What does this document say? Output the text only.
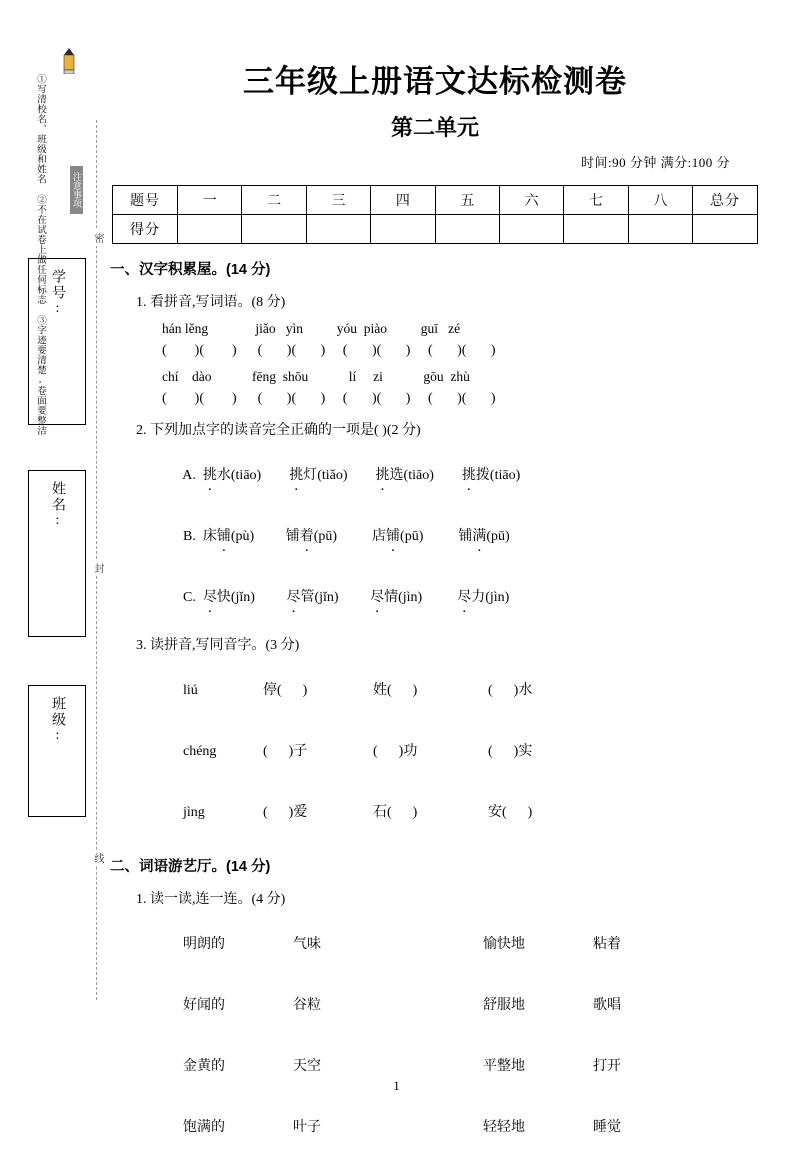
①写清校名、班级和姓名 ②不在试卷上做任何标志 ③字迹要清楚,卷面要整洁	注意事项
密
封
线
学号:
姓名:
班级:
三年级上册语文达标检测卷
第二单元
时间:90 分钟 满分:100 分
题号	一	二	三	四	五	六	七	八	总分
得分									
一、汉字积累屋。(14 分)
1. 看拼音,写词语。(8 分)
hán lěng              jiǎo   yìn          yóu  piào          guī   zé
(        )(        )      (       )(       )     (       )(       )     (       )(       )
chí    dào            fēng  shōu            lí     zi            gōu  zhù
(        )(        )      (       )(       )     (       )(       )     (       )(       )
2. 下列加点字的读音完全正确的一项是( )(2 分)

A. 挑水(tiāo) 挑灯(tiǎo) 挑选(tiāo) 挑拨(tiāo)

B. 床铺(pù) 铺着(pū)	店铺(pū)	铺满(pū)

C. 尽快(jǐn) 尽管(jǐn) 尽情(jìn)	尽力(jìn)

3. 读拼音,写同音字。(3 分)

liú	停(      )	姓(      )	(      )水

chéng	(      )子	(      )功	(      )实

jìng	(      )爱	石(      )	安(      )

二、词语游艺厅。(14 分)
1. 读一读,连一连。(4 分)

明朗的	气味	愉快地	粘着

好闻的	谷粒	舒服地	歌唱

金黄的	天空	平整地	打开

饱满的	叶子	轻轻地	睡觉

1
